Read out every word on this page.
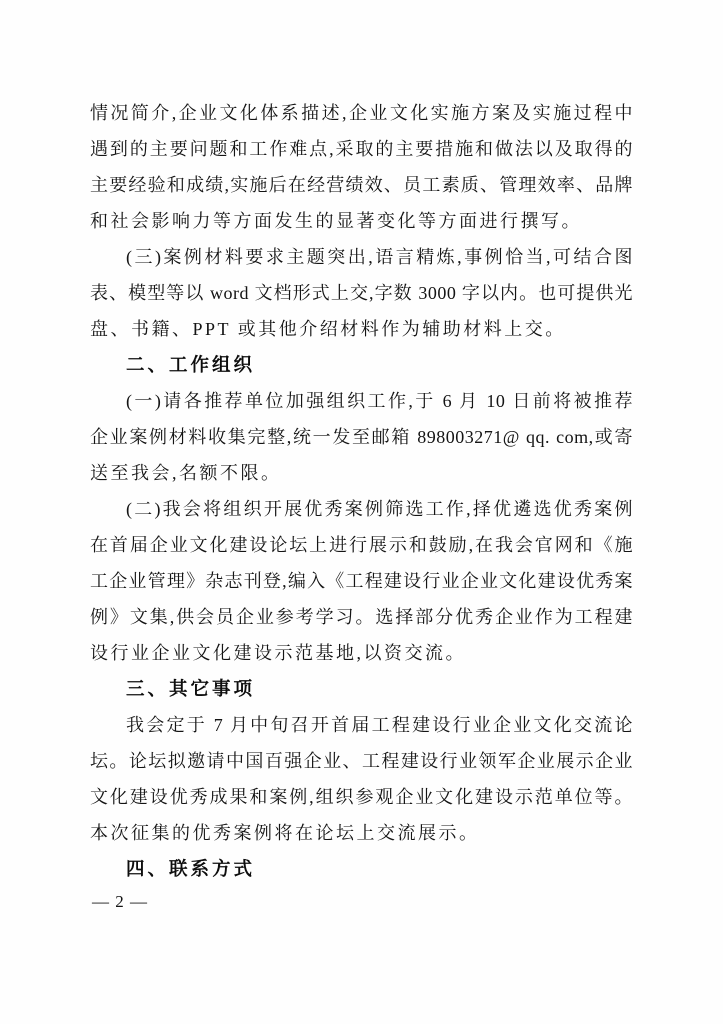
情况简介,企业文化体系描述,企业文化实施方案及实施过程中
遇到的主要问题和工作难点,采取的主要措施和做法以及取得的
主要经验和成绩,实施后在经营绩效、员工素质、管理效率、品牌
和社会影响力等方面发生的显著变化等方面进行撰写。
(三)案例材料要求主题突出,语言精炼,事例恰当,可结合图
表、模型等以 word 文档形式上交,字数 3000 字以内。也可提供光
盘、书籍、PPT 或其他介绍材料作为辅助材料上交。
二、工作组织
(一)请各推荐单位加强组织工作,于 6 月 10 日前将被推荐
企业案例材料收集完整,统一发至邮箱 898003271@ qq. com,或寄
送至我会,名额不限。
(二)我会将组织开展优秀案例筛选工作,择优遴选优秀案例
在首届企业文化建设论坛上进行展示和鼓励,在我会官网和《施
工企业管理》杂志刊登,编入《工程建设行业企业文化建设优秀案
例》文集,供会员企业参考学习。选择部分优秀企业作为工程建
设行业企业文化建设示范基地,以资交流。
三、其它事项
我会定于 7 月中旬召开首届工程建设行业企业文化交流论
坛。论坛拟邀请中国百强企业、工程建设行业领军企业展示企业
文化建设优秀成果和案例,组织参观企业文化建设示范单位等。
本次征集的优秀案例将在论坛上交流展示。
四、联系方式
— 2 —
